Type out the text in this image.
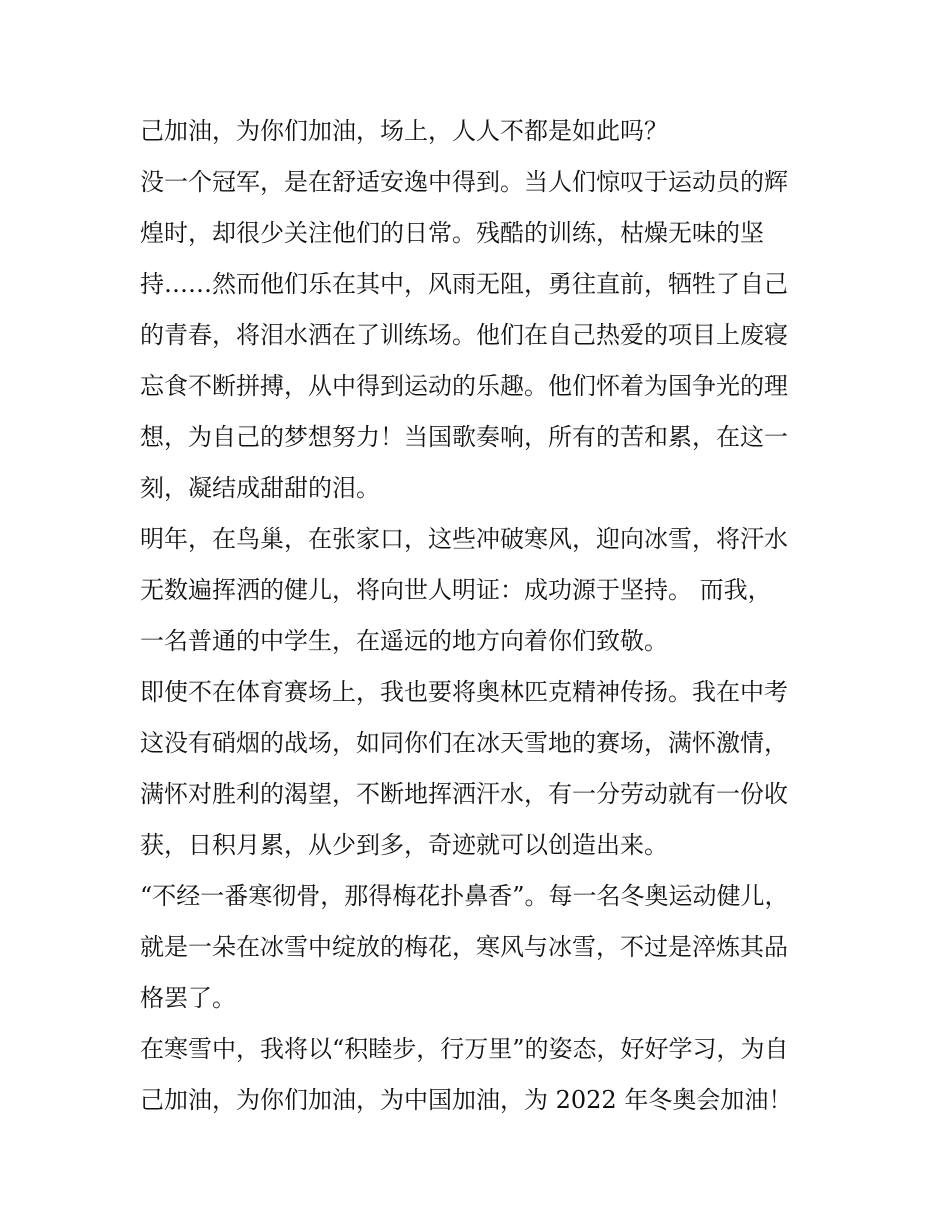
己加油，为你们加油，场上，人人不都是如此吗？
没一个冠军，是在舒适安逸中得到。当人们惊叹于运动员的辉
煌时，却很少关注他们的日常。残酷的训练，枯燥无味的坚
持……然而他们乐在其中，风雨无阻，勇往直前，牺牲了自己
的青春，将泪水洒在了训练场。他们在自己热爱的项目上废寝
忘食不断拼搏，从中得到运动的乐趣。他们怀着为国争光的理
想，为自己的梦想努力！当国歌奏响，所有的苦和累，在这一
刻，凝结成甜甜的泪。
明年，在鸟巢，在张家口，这些冲破寒风，迎向冰雪，将汗水
无数遍挥洒的健儿，将向世人明证：成功源于坚持。 而我，
一名普通的中学生，在遥远的地方向着你们致敬。
即使不在体育赛场上，我也要将奥林匹克精神传扬。我在中考
这没有硝烟的战场，如同你们在冰天雪地的赛场，满怀激情，
满怀对胜利的渴望，不断地挥洒汗水，有一分劳动就有一份收
获，日积月累，从少到多，奇迹就可以创造出来。
“不经一番寒彻骨，那得梅花扑鼻香”。每一名冬奥运动健儿，
就是一朵在冰雪中绽放的梅花，寒风与冰雪，不过是淬炼其品
格罢了。
在寒雪中，我将以“积睦步，行万里”的姿态，好好学习，为自
己加油，为你们加油，为中国加油，为 2022 年冬奥会加油！
